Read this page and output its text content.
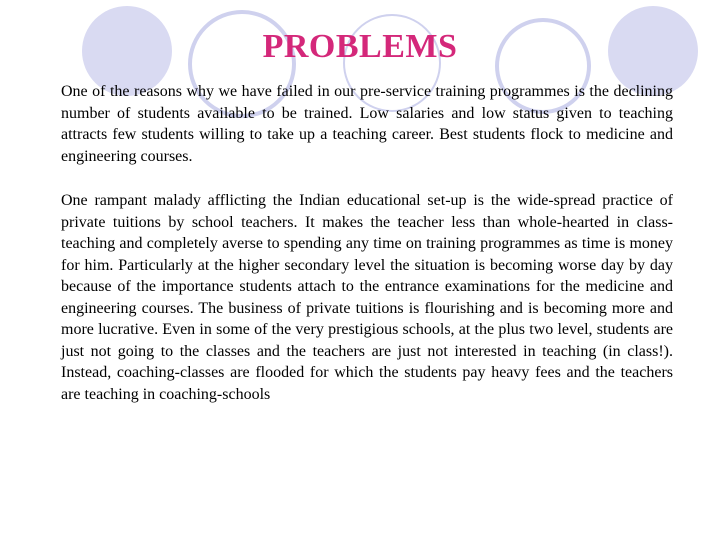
PROBLEMS

One of the reasons why we have failed in our pre-service training programmes is the declining number of students available to be trained. Low salaries and low status given to teaching attracts few students willing to take up a teaching career. Best students flock to medicine and engineering courses.

One rampant malady afflicting the Indian educational set-up is the wide-spread practice of private tuitions by school teachers. It makes the teacher less than whole-hearted in class-teaching and completely averse to spending any time on training programmes as time is money for him. Particularly at the higher secondary level the situation is becoming worse day by day because of the importance students attach to the entrance examinations for the medicine and engineering courses. The business of private tuitions is flourishing and is becoming more and more lucrative. Even in some of the very prestigious schools, at the plus two level, students are just not going to the classes and the teachers are just not interested in teaching (in class!). Instead, coaching-classes are flooded for which the students pay heavy fees and the teachers are teaching in coaching-schools
